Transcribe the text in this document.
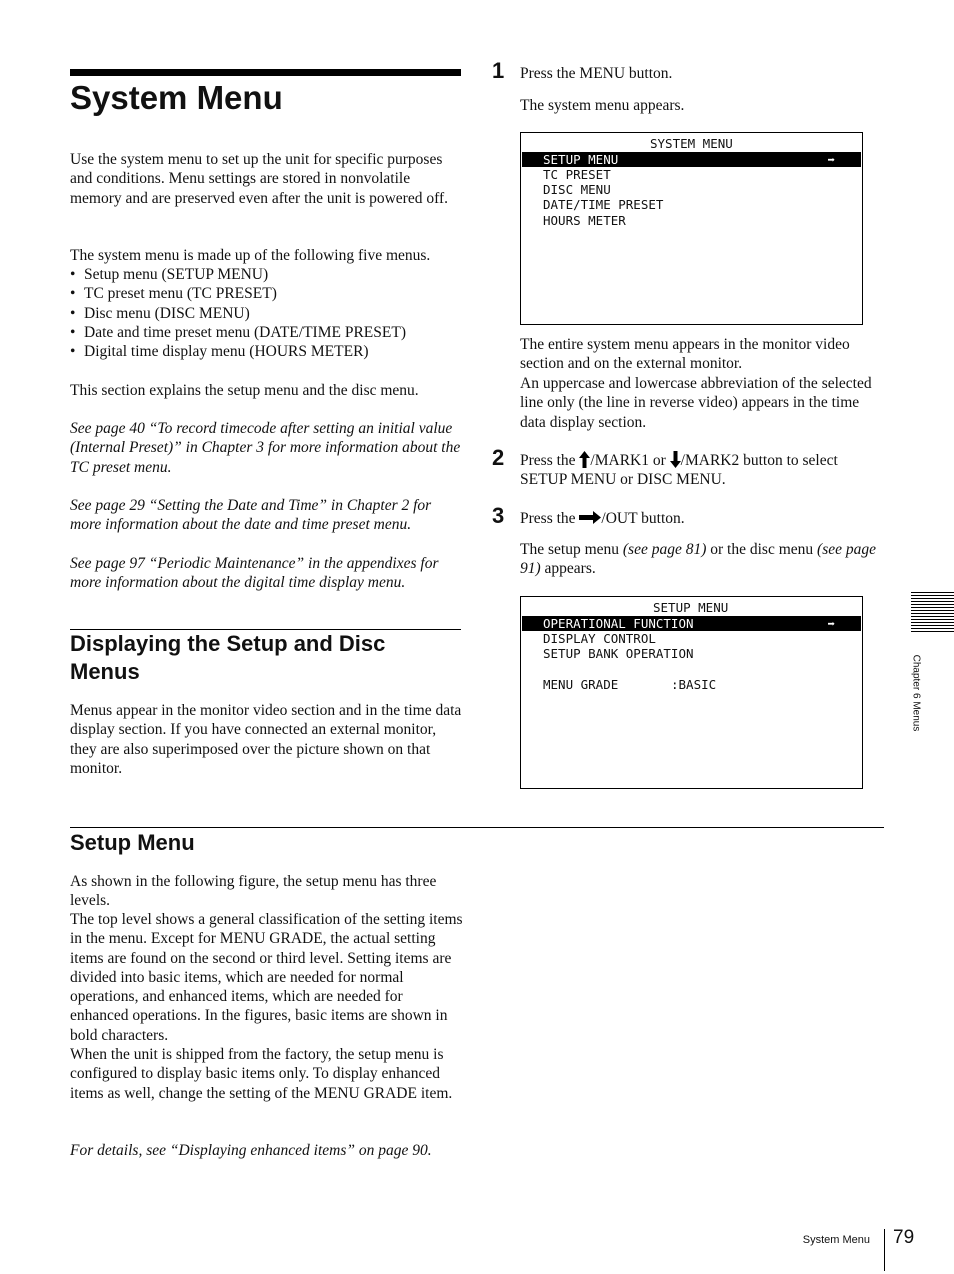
System Menu

Use the system menu to set up the unit for specific purposes and conditions. Menu settings are stored in nonvolatile memory and are preserved even after the unit is powered off.

The system menu is made up of the following five menus.

• Setup menu (SETUP MENU)
• TC preset menu (TC PRESET)
• Disc menu (DISC MENU)
• Date and time preset menu (DATE/TIME PRESET)
• Digital time display menu (HOURS METER)

This section explains the setup menu and the disc menu.

See page 40 “To record timecode after setting an initial value (Internal Preset)” in Chapter 3 for more information about the TC preset menu.

See page 29 “Setting the Date and Time” in Chapter 2 for more information about the date and time preset menu.

See page 97 “Periodic Maintenance” in the appendixes for more information about the digital time display menu.

Displaying the Setup and Disc Menus

Menus appear in the monitor video section and in the time data display section. If you have connected an external monitor, they are also superimposed over the picture shown on that monitor.

1 Press the MENU button.

The system menu appears.

SYSTEM MENU
SETUP MENU	➡
TC PRESET
DISC MENU
DATE/TIME PRESET
HOURS METER

The entire system menu appears in the monitor video section and on the external monitor.

An uppercase and lowercase abbreviation of the selected line only (the line in reverse video) appears in the time data display section.

2 Press the /MARK1 or /MARK2 button to select SETUP MENU or DISC MENU.

3 Press the /OUT button.

The setup menu (see page 81) or the disc menu (see page 91) appears.

SETUP MENU
OPERATIONAL FUNCTION	➡
DISPLAY CONTROL
SETUP BANK OPERATION
MENU GRADE	:BASIC
Setup Menu

As shown in the following figure, the setup menu has three levels.

The top level shows a general classification of the setting items in the menu. Except for MENU GRADE, the actual setting items are found on the second or third level. Setting items are divided into basic items, which are needed for normal operations, and enhanced items, which are needed for enhanced operations. In the figures, basic items are shown in bold characters.

When the unit is shipped from the factory, the setup menu is configured to display basic items only. To display enhanced items as well, change the setting of the MENU GRADE item.

For details, see “Displaying enhanced items” on page 90.

Chapter 6 Menus
System Menu 79
